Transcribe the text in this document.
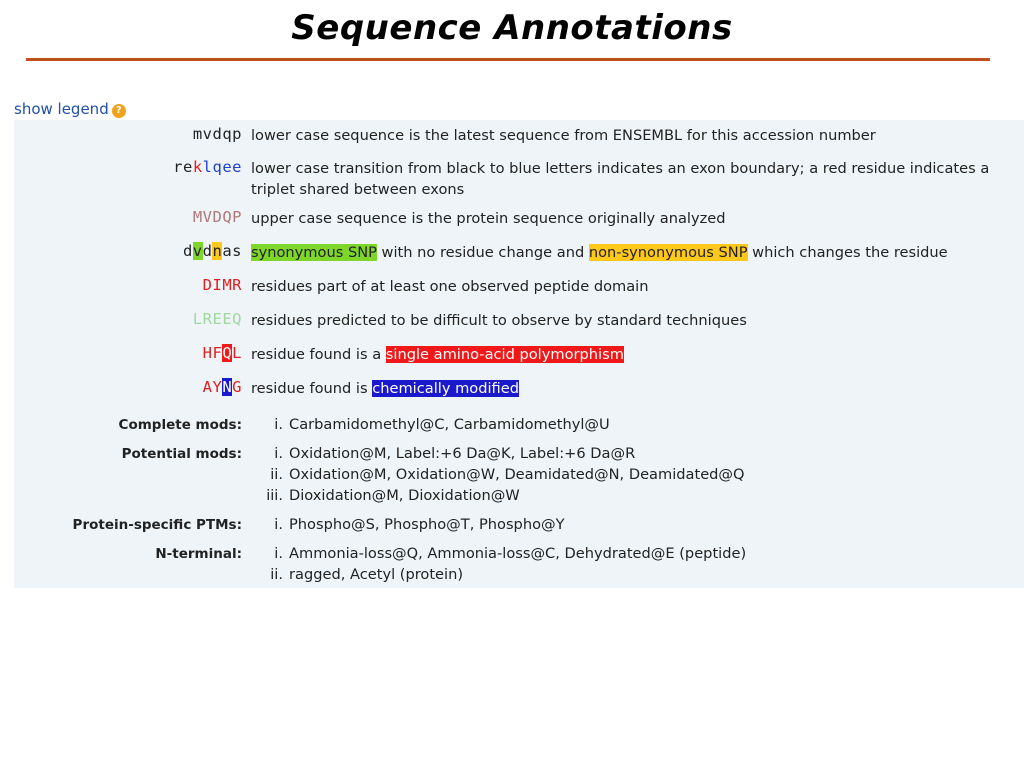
Sequence Annotations
show legend ?
mvdqp lower case sequence is the latest sequence from ENSEMBL for this accession number
reklqee lower case transition from black to blue letters indicates an exon boundary; a red residue indicates a triplet shared between exons
MVDQP upper case sequence is the protein sequence originally analyzed
dvdnas synonymous SNP with no residue change and non-synonymous SNP which changes the residue
DIMR residues part of at least one observed peptide domain
LREEQ residues predicted to be difficult to observe by standard techniques
HFQL residue found is a single amino-acid polymorphism
AYNG residue found is chemically modified
Complete mods:	i. Carbamidomethyl@C, Carbamidomethyl@U
Potential mods:	i. Oxidation@M, Label:+6 Da@K, Label:+6 Da@R
ii. Oxidation@M, Oxidation@W, Deamidated@N, Deamidated@Q
iii. Dioxidation@M, Dioxidation@W
Protein-specific PTMs:	i. Phospho@S, Phospho@T, Phospho@Y
N-terminal:	i. Ammonia-loss@Q, Ammonia-loss@C, Dehydrated@E (peptide)
ii. ragged, Acetyl (protein)
